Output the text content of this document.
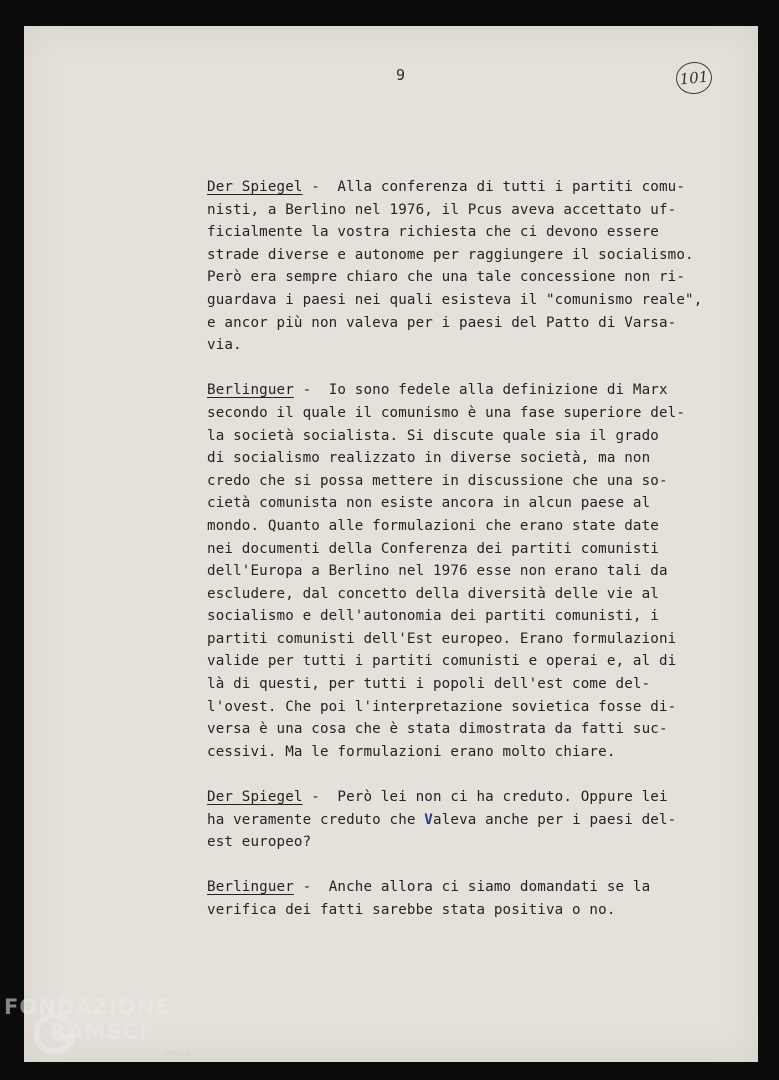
9	101
Der Spiegel -  Alla conferenza di tutti i partiti comu-
nisti, a Berlino nel 1976, il Pcus aveva accettato uf-
ficialmente la vostra richiesta che ci devono essere
strade diverse e autonome per raggiungere il socialismo.
Però era sempre chiaro che una tale concessione non ri-
guardava i paesi nei quali esisteva il "comunismo reale",
e ancor più non valeva per i paesi del Patto di Varsa-
via.
Berlinguer -  Io sono fedele alla definizione di Marx
secondo il quale il comunismo è una fase superiore del-
la società socialista. Si discute quale sia il grado
di socialismo realizzato in diverse società, ma non
credo che si possa mettere in discussione che una so-
cietà comunista non esiste ancora in alcun paese al
mondo. Quanto alle formulazioni che erano state date
nei documenti della Conferenza dei partiti comunisti
dell'Europa a Berlino nel 1976 esse non erano tali da
escludere, dal concetto della diversità delle vie al
socialismo e dell'autonomia dei partiti comunisti, i
partiti comunisti dell'Est europeo. Erano formulazioni
valide per tutti i partiti comunisti e operai e, al di
là di questi, per tutti i popoli dell'est come del-
l'ovest. Che poi l'interpretazione sovietica fosse di-
versa è una cosa che è stata dimostrata da fatti suc-
cessivi. Ma le formulazioni erano molto chiare.
Der Spiegel -  Però lei non ci ha creduto. Oppure lei
ha veramente creduto che Valeva anche per i paesi del-
est europeo?
Berlinguer -  Anche allora ci siamo domandati se la
verifica dei fatti sarebbe stata positiva o no.
FONDAZIONE
RAMSCI
onlus
